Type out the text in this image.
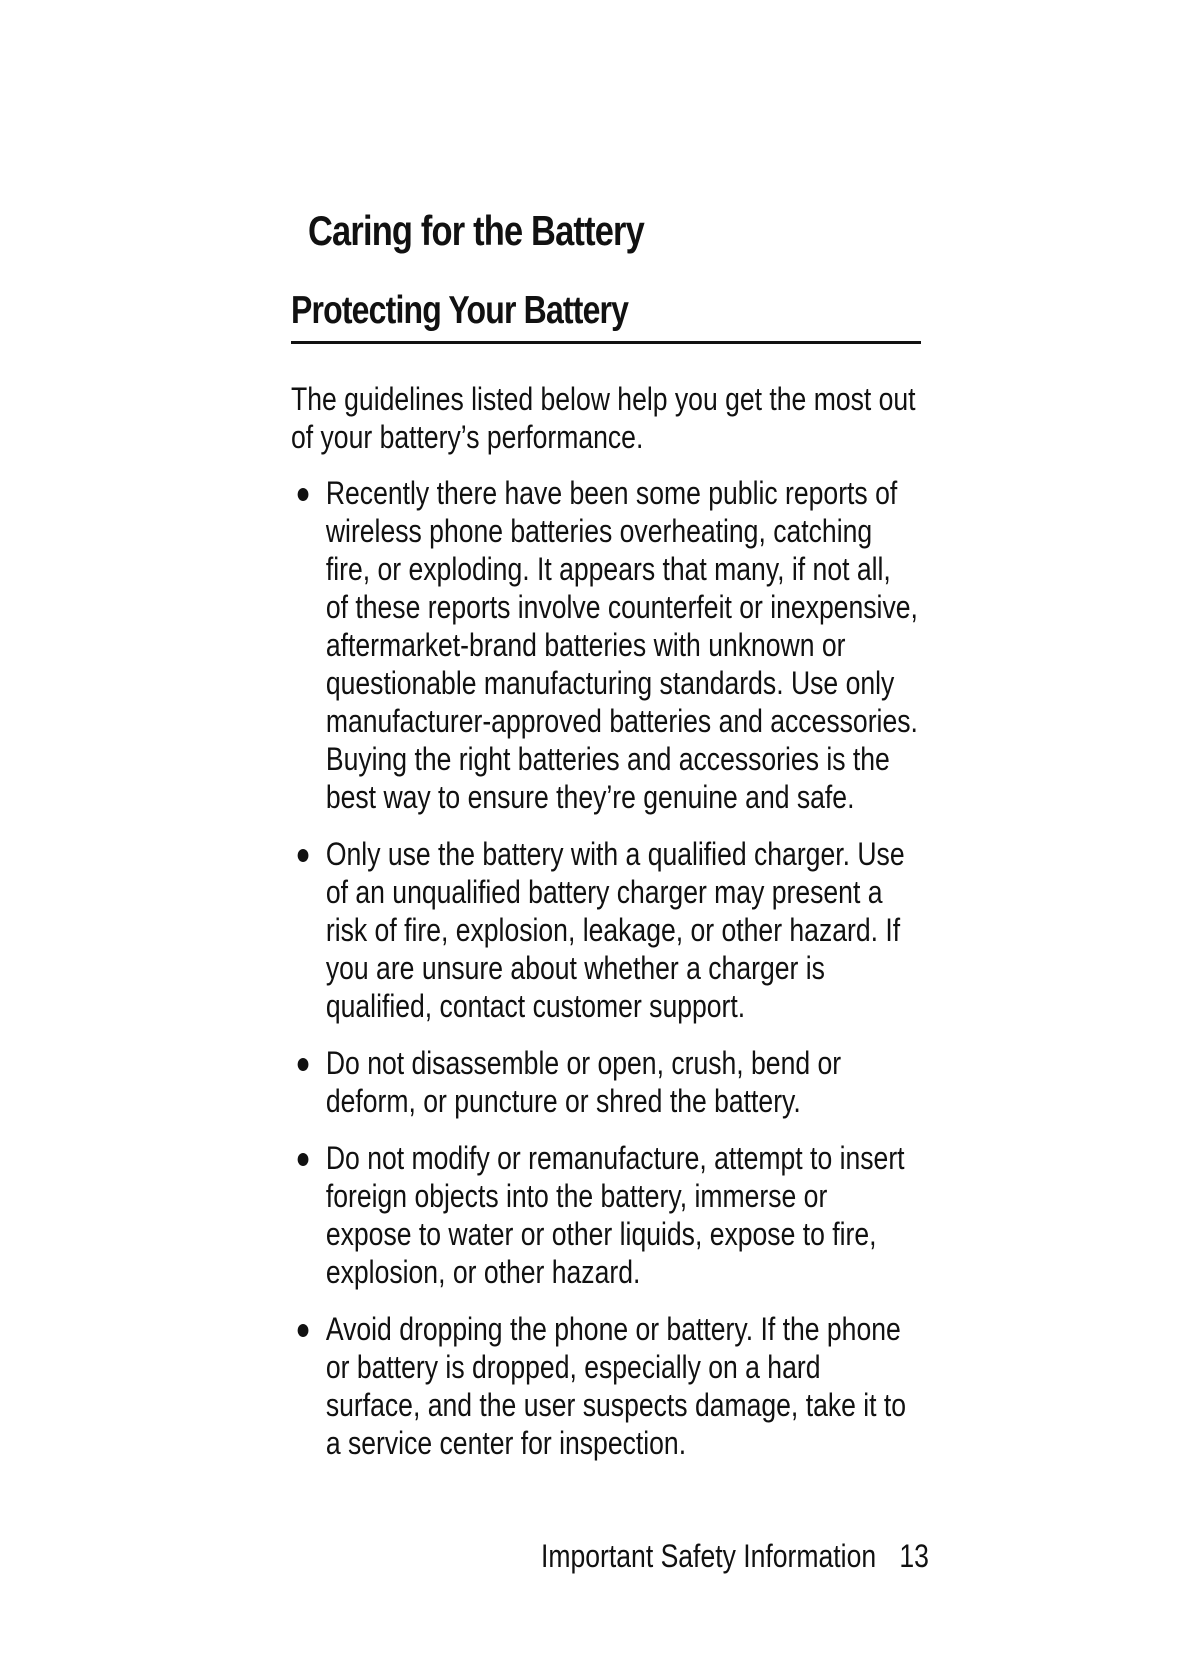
Caring for the Battery
Protecting Your Battery

The guidelines listed below help you get the most out
of your battery’s performance.

Recently there have been some public reports of
wireless phone batteries overheating, catching
fire, or exploding. It appears that many, if not all,
of these reports involve counterfeit or inexpensive,
aftermarket-brand batteries with unknown or
questionable manufacturing standards. Use only
manufacturer-approved batteries and accessories.
Buying the right batteries and accessories is the
best way to ensure they’re genuine and safe.
Only use the battery with a qualified charger. Use
of an unqualified battery charger may present a
risk of fire, explosion, leakage, or other hazard. If
you are unsure about whether a charger is
qualified, contact customer support.
Do not disassemble or open, crush, bend or
deform, or puncture or shred the battery.
Do not modify or remanufacture, attempt to insert
foreign objects into the battery, immerse or
expose to water or other liquids, expose to fire,
explosion, or other hazard.
Avoid dropping the phone or battery. If the phone
or battery is dropped, especially on a hard
surface, and the user suspects damage, take it to
a service center for inspection.
Important Safety Information 13
